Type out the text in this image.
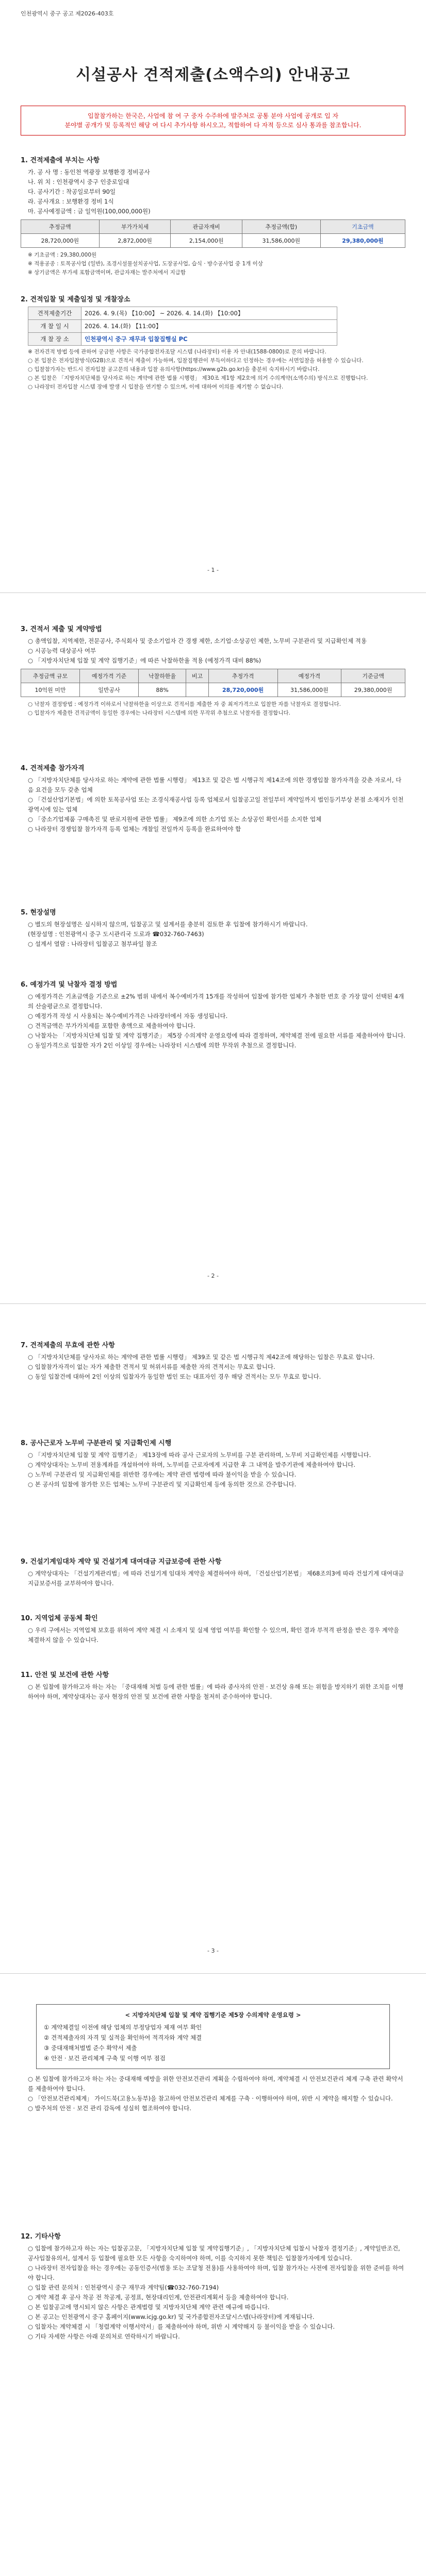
인천광역시 중구 공고 제2026-403호
시설공사 견적제출(소액수의) 안내공고
입찰참가하는 한국은, 사업에 참 여 구 중자 수주하에 발주처로 공통 분야 사업에 공개로 입 자
분야별 공개가 및 등록적인 해당 여 다시 추가사항 하시오고, 적합하여 다 자적 등으로 심사 통과를 참조합니다.
1. 견적제출에 부치는 사항
가. 공 사 명 : 동인천 역광장 보행환경 정비공사
나. 위 치 : 인천광역시 중구 인중로일대
다. 공사기간 : 착공일로부터 90일
라. 공사개요 : 보행환경 정비 1식
마. 공사예정금액 : 금 일억원(100,000,000원)
추정금액	부가가치세	관급자재비	추정금액(합)	기초금액
28,720,000원	2,872,000원	2,154,000원	31,586,000원	29,380,000원
※ 기초금액 : 29,380,000원
※ 적용공종 : 토목공사업 (일반), 조경시설물설치공사업, 도장공사업, 습식 · 방수공사업 중 1개 이상
※ 상기금액은 부가세 포함금액이며, 관급자재는 발주처에서 지급함
2. 견적입찰 및 제출일정 및 개찰장소
견적제출기간	2026. 4. 9.(목) 【10:00】 ~ 2026. 4. 14.(화) 【10:00】
개 찰 일 시	2026. 4. 14.(화) 【11:00】
개 찰 장 소	인천광역시 중구 재무과 입찰집행실 PC
※ 전자견적 방법 등에 관하여 궁금한 사항은 국가종합전자조달 시스템 (나라장터) 이용 자 안내(1588-0800)로 문의 바랍니다.
○ 본 입찰은 전자입찰방식(G2B)으로 견적서 제출이 가능하며, 입찰집행관이 부득이하다고 인정하는 경우에는 서면입찰을 허용할 수 있습니다.
○ 입찰참가자는 반드시 전자입찰 공고문의 내용과 입찰 유의사항(https://www.g2b.go.kr)을 충분히 숙지하시기 바랍니다.
○ 본 입찰은 「지방자치단체를 당사자로 하는 계약에 관한 법률 시행령」 제30조 제1항 제2호에 의거 수의계약(소액수의) 방식으로 진행합니다.
○ 나라장터 전자입찰 시스템 장애 발생 시 입찰을 연기할 수 있으며, 이에 대하여 이의를 제기할 수 없습니다.
- 1 -
3. 견적서 제출 및 계약방법
○ 총액입찰, 지역제한, 전문공사, 주식회사 및 중소기업자 간 경쟁 제한, 소기업·소상공인 제한, 노무비 구분관리 및 지급확인제 적용
○ 시공능력 대상공사 여부
○ 「지방자치단체 입찰 및 계약 집행기준」에 따른 낙찰하한율 적용 (예정가격 대비 88%)
추정금액 규모	예정가격 기준	낙찰하한율	비고	추정가격	예정가격	기준금액
10억원 미만	일반공사	88%		28,720,000원	31,586,000원	29,380,000원
○ 낙찰자 결정방법 : 예정가격 이하로서 낙찰하한율 이상으로 견적서를 제출한 자 중 최저가격으로 입찰한 자를 낙찰자로 결정합니다.
○ 입찰자가 제출한 견적금액이 동일한 경우에는 나라장터 시스템에 의한 무작위 추첨으로 낙찰자를 결정합니다.
4. 견적제출 참가자격
○ 「지방자치단체를 당사자로 하는 계약에 관한 법률 시행령」 제13조 및 같은 법 시행규칙 제14조에 의한 경쟁입찰 참가자격을 갖춘 자로서, 다음 요건을 모두 갖춘 업체
○ 「건설산업기본법」에 의한 토목공사업 또는 조경식재공사업 등록 업체로서 입찰공고일 전일부터 계약일까지 법인등기부상 본점 소재지가 인천광역시에 있는 업체
○ 「중소기업제품 구매촉진 및 판로지원에 관한 법률」 제9조에 의한 소기업 또는 소상공인 확인서를 소지한 업체
○ 나라장터 경쟁입찰 참가자격 등록 업체는 개찰일 전일까지 등록을 완료하여야 함
5. 현장설명
○ 별도의 현장설명은 실시하지 않으며, 입찰공고 및 설계서를 충분히 검토한 후 입찰에 참가하시기 바랍니다.
(현장설명 : 인천광역시 중구 도시관리국 도로과 ☎032-760-7463)
○ 설계서 열람 : 나라장터 입찰공고 첨부파일 참조
6. 예정가격 및 낙찰자 결정 방법
○ 예정가격은 기초금액을 기준으로 ±2% 범위 내에서 복수예비가격 15개를 작성하여 입찰에 참가한 업체가 추첨한 번호 중 가장 많이 선택된 4개의 산술평균으로 결정합니다.
○ 예정가격 작성 시 사용되는 복수예비가격은 나라장터에서 자동 생성됩니다.
○ 견적금액은 부가가치세를 포함한 총액으로 제출하여야 합니다.
○ 낙찰자는 「지방자치단체 입찰 및 계약 집행기준」 제5장 수의계약 운영요령에 따라 결정하며, 계약체결 전에 필요한 서류를 제출하여야 합니다.
○ 동일가격으로 입찰한 자가 2인 이상일 경우에는 나라장터 시스템에 의한 무작위 추첨으로 결정합니다.
- 2 -
7. 견적제출의 무효에 관한 사항
○ 「지방자치단체를 당사자로 하는 계약에 관한 법률 시행령」 제39조 및 같은 법 시행규칙 제42조에 해당하는 입찰은 무효로 합니다.
○ 입찰참가자격이 없는 자가 제출한 견적서 및 허위서류를 제출한 자의 견적서는 무효로 합니다.
○ 동일 입찰건에 대하여 2인 이상의 입찰자가 동일한 법인 또는 대표자인 경우 해당 견적서는 모두 무효로 합니다.
8. 공사근로자 노무비 구분관리 및 지급확인제 시행
○ 「지방자치단체 입찰 및 계약 집행기준」 제13장에 따라 공사 근로자의 노무비를 구분 관리하며, 노무비 지급확인제를 시행합니다.
○ 계약상대자는 노무비 전용계좌를 개설하여야 하며, 노무비를 근로자에게 지급한 후 그 내역을 발주기관에 제출하여야 합니다.
○ 노무비 구분관리 및 지급확인제를 위반한 경우에는 계약 관련 법령에 따라 불이익을 받을 수 있습니다.
○ 본 공사의 입찰에 참가한 모든 업체는 노무비 구분관리 및 지급확인제 등에 동의한 것으로 간주합니다.
9. 건설기계임대차 계약 및 건설기계 대여대금 지급보증에 관한 사항
○ 계약상대자는 「건설기계관리법」에 따라 건설기계 임대차 계약을 체결하여야 하며, 「건설산업기본법」 제68조의3에 따라 건설기계 대여대금 지급보증서를 교부하여야 합니다.
10. 지역업체 공동체 확인
○ 우리 구에서는 지역업체 보호를 위하여 계약 체결 시 소재지 및 실제 영업 여부를 확인할 수 있으며, 확인 결과 부적격 판정을 받은 경우 계약을 체결하지 않을 수 있습니다.
11. 안전 및 보건에 관한 사항
○ 본 입찰에 참가하고자 하는 자는 「중대재해 처벌 등에 관한 법률」에 따라 종사자의 안전 · 보건상 유해 또는 위험을 방지하기 위한 조치를 이행하여야 하며, 계약상대자는 공사 현장의 안전 및 보건에 관한 사항을 철저히 준수하여야 합니다.
- 3 -
< 지방자치단체 입찰 및 계약 집행기준 제5장 수의계약 운영요령 >
① 계약체결일 이전에 해당 업체의 부정당업자 제재 여부 확인
② 견적제출자의 자격 및 실적을 확인하여 적격자와 계약 체결
③ 중대재해처벌법 준수 확약서 제출
④ 안전 · 보건 관리체계 구축 및 이행 여부 점검
○ 본 입찰에 참가하고자 하는 자는 중대재해 예방을 위한 안전보건관리 계획을 수립하여야 하며, 계약체결 시 안전보건관리 체계 구축 관련 확약서를 제출하여야 합니다.
○ 「안전보건관리체계」 가이드북(고용노동부)을 참고하여 안전보건관리 체계를 구축 · 이행하여야 하며, 위반 시 계약을 해지할 수 있습니다.
○ 발주처의 안전 · 보건 관리 감독에 성실히 협조하여야 합니다.
12. 기타사항
○ 입찰에 참가하고자 하는 자는 입찰공고문, 「지방자치단체 입찰 및 계약집행기준」, 「지방자치단체 입찰시 낙찰자 결정기준」, 계약일반조건, 공사입찰유의서, 설계서 등 입찰에 필요한 모든 사항을 숙지하여야 하며, 이를 숙지하지 못한 책임은 입찰참가자에게 있습니다.
○ 나라장터 전자입찰을 하는 경우에는 공동인증서(범용 또는 조달청 전용)를 사용하여야 하며, 입찰 참가자는 사전에 전자입찰을 위한 준비를 하여야 합니다.
○ 입찰 관련 문의처 : 인천광역시 중구 재무과 계약팀(☎032-760-7194)
○ 계약 체결 후 공사 착공 전 착공계, 공정표, 현장대리인계, 안전관리계획서 등을 제출하여야 합니다.
○ 본 입찰공고에 명시되지 않은 사항은 관계법령 및 지방자치단체 계약 관련 예규에 따릅니다.
○ 본 공고는 인천광역시 중구 홈페이지(www.icjg.go.kr) 및 국가종합전자조달시스템(나라장터)에 게재됩니다.
○ 입찰자는 계약체결 시 「청렴계약 이행서약서」를 제출하여야 하며, 위반 시 계약해지 등 불이익을 받을 수 있습니다.
○ 기타 자세한 사항은 아래 문의처로 연락하시기 바랍니다.
